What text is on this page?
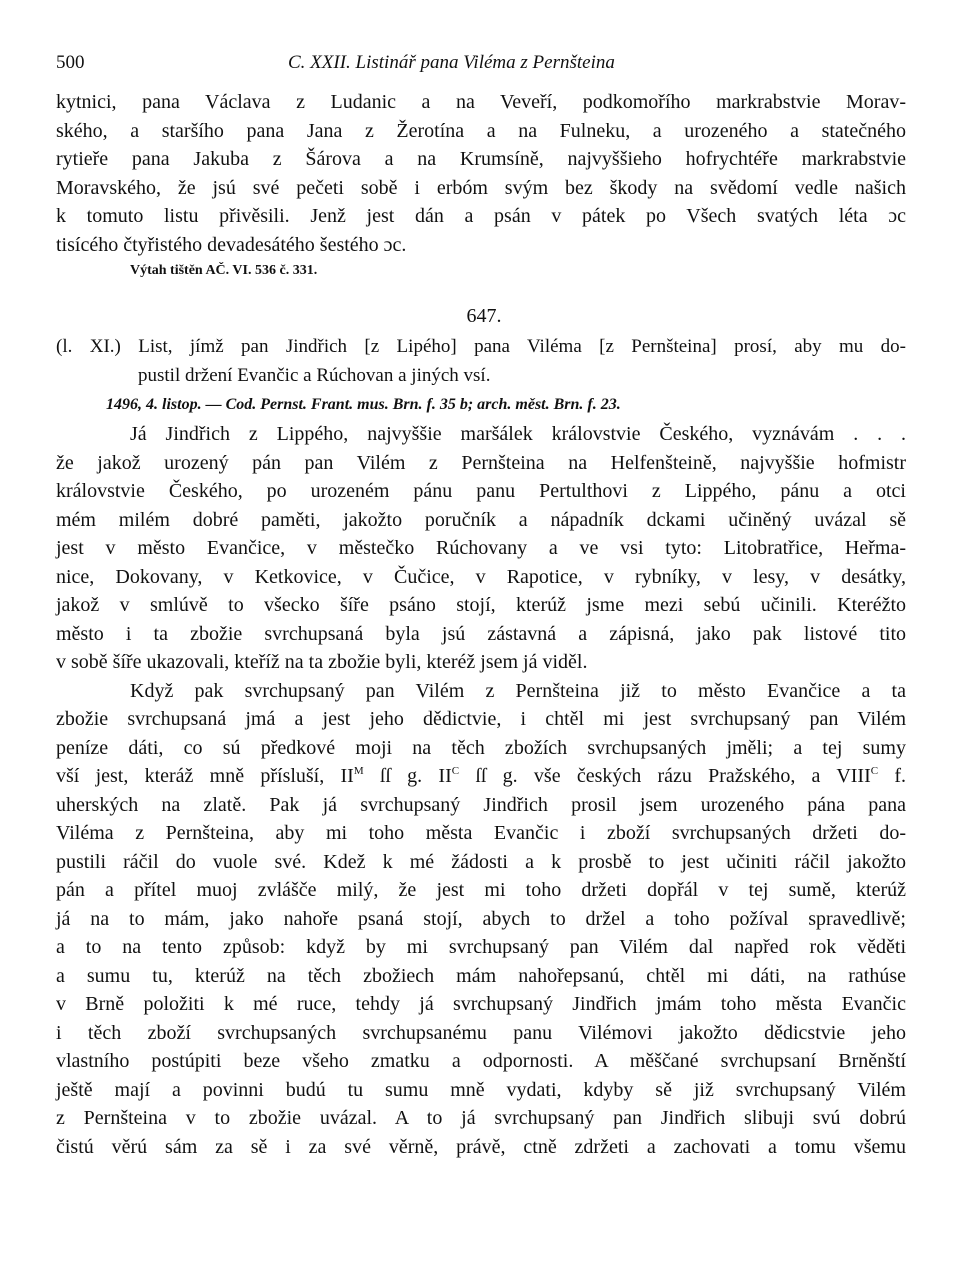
500	C. XXII. Listinář pana Viléma z Pernšteina
kytnici, pana Václava z Ludanic a na Veveří, podkomořího markrabstvie Morav-
ského, a staršího pana Jana z Žerotína a na Fulneku, a urozeného a statečného
rytieře pana Jakuba z Šárova a na Krumsíně, najvyššieho hofrychtéře markrabstvie
Moravského, že jsú své pečeti sobě i erbóm svým bez škody na svědomí vedle našich
k tomuto listu přivěsili. Jenž jest dán a psán v pátek po Všech svatých léta ɔc
tisícého čtyřistého devadesátého šestého ɔc.
Výtah tištěn AČ. VI. 536 č. 331.
647.
(l. XI.) List, jímž pan Jindřich [z Lipého] pana Viléma [z Pernšteina] prosí, aby mu do-
pustil držení Evančic a Rúchovan a jiných vsí.
1496, 4. listop. — Cod. Pernst. Frant. mus. Brn. f. 35 b; arch. měst. Brn. f. 23.
Já Jindřich z Lippého, najvyššie maršálek královstvie Českého, vyznávám . . .
že jakož urozený pán pan Vilém z Pernšteina na Helfenšteině, najvyššie hofmistr
královstvie Českého, po urozeném pánu panu Pertulthovi z Lippého, pánu a otci
mém milém dobré paměti, jakožto poručník a nápadník dckami učiněný uvázal sě
jest v město Evančice, v městečko Rúchovany a ve vsi tyto: Litobratřice, Heřma-
nice, Dokovany, v Ketkovice, v Čučice, v Rapotice, v rybníky, v lesy, v desátky,
jakož v smlúvě to všecko šíře psáno stojí, kterúž jsme mezi sebú učinili. Kteréžto
město i ta zbožie svrchupsaná byla jsú zástavná a zápisná, jako pak listové tito
v sobě šíře ukazovali, kteříž na ta zbožie byli, kteréž jsem já viděl.
Když pak svrchupsaný pan Vilém z Pernšteina již to město Evančice a ta
zbožie svrchupsaná jmá a jest jeho dědictvie, i chtěl mi jest svrchupsaný pan Vilém
peníze dáti, co sú předkové moji na těch zbožích svrchupsaných jměli; a tej sumy
vší jest, kteráž mně přísluší, $II^M$ ſſ g. $II^C$ ſſ g. vše českých rázu Pražského, a $VIII^C$ f.
uherských na zlatě. Pak já svrchupsaný Jindřich prosil jsem urozeného pána pana
Viléma z Pernšteina, aby mi toho města Evančic i zboží svrchupsaných držeti do-
pustili ráčil do vuole své. Kdež k mé žádosti a k prosbě to jest učiniti ráčil jakožto
pán a přítel muoj zvlášče milý, že jest mi toho držeti dopřál v tej sumě, kterúž
já na to mám, jako nahoře psaná stojí, abych to držel a toho požíval spravedlivě;
a to na tento způsob: když by mi svrchupsaný pan Vilém dal napřed rok věděti
a sumu tu, kterúž na těch zbožiech mám nahořepsanú, chtěl mi dáti, na rathúse
v Brně položiti k mé ruce, tehdy já svrchupsaný Jindřich jmám toho města Evančic
i těch zboží svrchupsaných svrchupsanému panu Vilémovi jakožto dědicstvie jeho
vlastního postúpiti beze všeho zmatku a odpornosti. A měščané svrchupsaní Brněnští
ještě mají a povinni budú tu sumu mně vydati, kdyby sě již svrchupsaný Vilém
z Pernšteina v to zbožie uvázal. A to já svrchupsaný pan Jindřich slibuji svú dobrú
čistú věrú sám za sě i za své věrně, právě, ctně zdržeti a zachovati a tomu všemu
